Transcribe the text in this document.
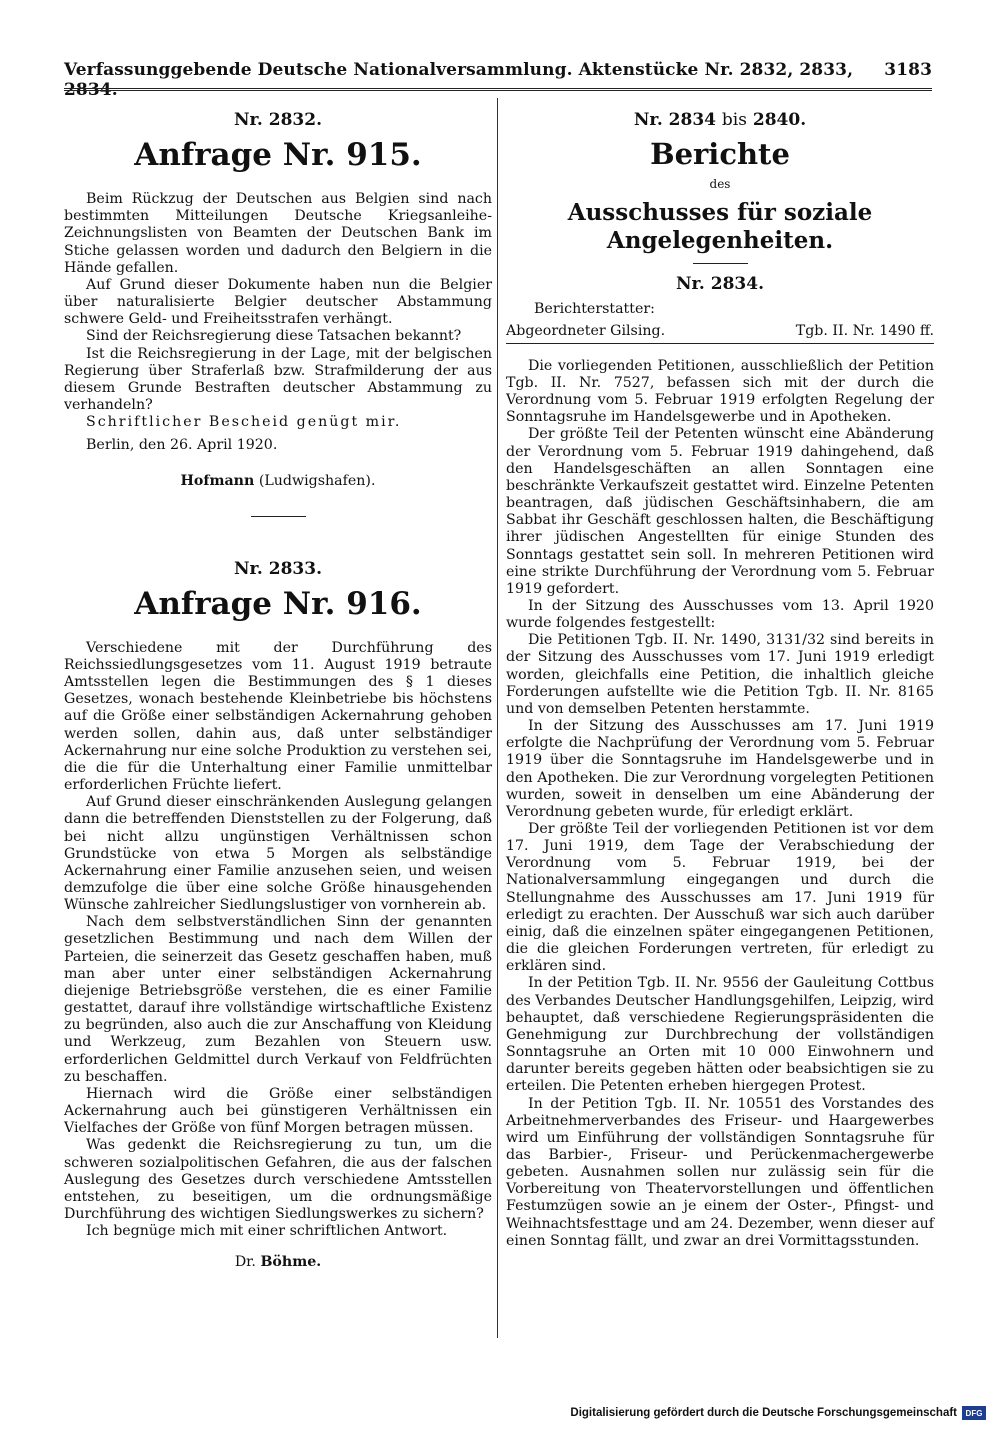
Verfassunggebende Deutsche Nationalversammlung. Aktenstücke Nr. 2832, 2833, 2834.
3183
Nr. 2832.
Anfrage Nr. 915.

Beim Rückzug der Deutschen aus Belgien sind nach bestimmten Mitteilungen Deutsche Kriegsanleihe-Zeichnungslisten von Beamten der Deutschen Bank im Stiche gelassen worden und dadurch den Belgiern in die Hände gefallen.

Auf Grund dieser Dokumente haben nun die Belgier über naturalisierte Belgier deutscher Abstammung schwere Geld- und Freiheitsstrafen verhängt.

Sind der Reichsregierung diese Tatsachen bekannt?

Ist die Reichsregierung in der Lage, mit der belgischen Regierung über Straferlaß bzw. Strafmilderung der aus diesem Grunde Bestraften deutscher Abstammung zu verhandeln?

Schriftlicher Bescheid genügt mir.

Berlin, den 26. April 1920.

Hofmann (Ludwigshafen).
Nr. 2833.
Anfrage Nr. 916.

Verschiedene mit der Durchführung des Reichssiedlungsgesetzes vom 11. August 1919 betraute Amtsstellen legen die Bestimmungen des § 1 dieses Gesetzes, wonach bestehende Kleinbetriebe bis höchstens auf die Größe einer selbständigen Ackernahrung gehoben werden sollen, dahin aus, daß unter selbständiger Ackernahrung nur eine solche Produktion zu verstehen sei, die die für die Unterhaltung einer Familie unmittelbar erforderlichen Früchte liefert.

Auf Grund dieser einschränkenden Auslegung gelangen dann die betreffenden Dienststellen zu der Folgerung, daß bei nicht allzu ungünstigen Verhältnissen schon Grundstücke von etwa 5 Morgen als selbständige Ackernahrung einer Familie anzusehen seien, und weisen demzufolge die über eine solche Größe hinausgehenden Wünsche zahlreicher Siedlungslustiger von vornherein ab.

Nach dem selbstverständlichen Sinn der genannten gesetzlichen Bestimmung und nach dem Willen der Parteien, die seinerzeit das Gesetz geschaffen haben, muß man aber unter einer selbständigen Ackernahrung diejenige Betriebsgröße verstehen, die es einer Familie gestattet, darauf ihre vollständige wirtschaftliche Existenz zu begründen, also auch die zur Anschaffung von Kleidung und Werkzeug, zum Bezahlen von Steuern usw. erforderlichen Geldmittel durch Verkauf von Feldfrüchten zu beschaffen.

Hiernach wird die Größe einer selbständigen Ackernahrung auch bei günstigeren Verhältnissen ein Vielfaches der Größe von fünf Morgen betragen müssen.

Was gedenkt die Reichsregierung zu tun, um die schweren sozialpolitischen Gefahren, die aus der falschen Auslegung des Gesetzes durch verschiedene Amtsstellen entstehen, zu beseitigen, um die ordnungsmäßige Durchführung des wichtigen Siedlungswerkes zu sichern?

Ich begnüge mich mit einer schriftlichen Antwort.

Dr. Böhme.
Nr. 2834 bis 2840.
Berichte
des
Ausschusses für soziale Angelegenheiten.
Nr. 2834.
Berichterstatter:
Abgeordneter Gilsing.	Tgb. II. Nr. 1490 ff.

Die vorliegenden Petitionen, ausschließlich der Petition Tgb. II. Nr. 7527, befassen sich mit der durch die Verordnung vom 5. Februar 1919 erfolgten Regelung der Sonntagsruhe im Handelsgewerbe und in Apotheken.

Der größte Teil der Petenten wünscht eine Abänderung der Verordnung vom 5. Februar 1919 dahingehend, daß den Handelsgeschäften an allen Sonntagen eine beschränkte Verkaufszeit gestattet wird. Einzelne Petenten beantragen, daß jüdischen Geschäftsinhabern, die am Sabbat ihr Geschäft geschlossen halten, die Beschäftigung ihrer jüdischen Angestellten für einige Stunden des Sonntags gestattet sein soll. In mehreren Petitionen wird eine strikte Durchführung der Verordnung vom 5. Februar 1919 gefordert.

In der Sitzung des Ausschusses vom 13. April 1920 wurde folgendes festgestellt:

Die Petitionen Tgb. II. Nr. 1490, 3131/32 sind bereits in der Sitzung des Ausschusses vom 17. Juni 1919 erledigt worden, gleichfalls eine Petition, die inhaltlich gleiche Forderungen aufstellte wie die Petition Tgb. II. Nr. 8165 und von demselben Petenten herstammte.

In der Sitzung des Ausschusses am 17. Juni 1919 erfolgte die Nachprüfung der Verordnung vom 5. Februar 1919 über die Sonntagsruhe im Handelsgewerbe und in den Apotheken. Die zur Verordnung vorgelegten Petitionen wurden, soweit in denselben um eine Abänderung der Verordnung gebeten wurde, für erledigt erklärt.

Der größte Teil der vorliegenden Petitionen ist vor dem 17. Juni 1919, dem Tage der Verabschiedung der Verordnung vom 5. Februar 1919, bei der Nationalversammlung eingegangen und durch die Stellungnahme des Ausschusses am 17. Juni 1919 für erledigt zu erachten. Der Ausschuß war sich auch darüber einig, daß die einzelnen später eingegangenen Petitionen, die die gleichen Forderungen vertreten, für erledigt zu erklären sind.

In der Petition Tgb. II. Nr. 9556 der Gauleitung Cottbus des Verbandes Deutscher Handlungsgehilfen, Leipzig, wird behauptet, daß verschiedene Regierungspräsidenten die Genehmigung zur Durchbrechung der vollständigen Sonntagsruhe an Orten mit 10 000 Einwohnern und darunter bereits gegeben hätten oder beabsichtigen sie zu erteilen. Die Petenten erheben hiergegen Protest.

In der Petition Tgb. II. Nr. 10551 des Vorstandes des Arbeitnehmerverbandes des Friseur- und Haargewerbes wird um Einführung der vollständigen Sonntagsruhe für das Barbier-, Friseur- und Perückenmachergewerbe gebeten. Ausnahmen sollen nur zulässig sein für die Vorbereitung von Theatervorstellungen und öffentlichen Festumzügen sowie an je einem der Oster-, Pfingst- und Weihnachtsfesttage und am 24. Dezember, wenn dieser auf einen Sonntag fällt, und zwar an drei Vormittagsstunden.

Digitalisierung gefördert durch die Deutsche Forschungsgemeinschaft	DFG
